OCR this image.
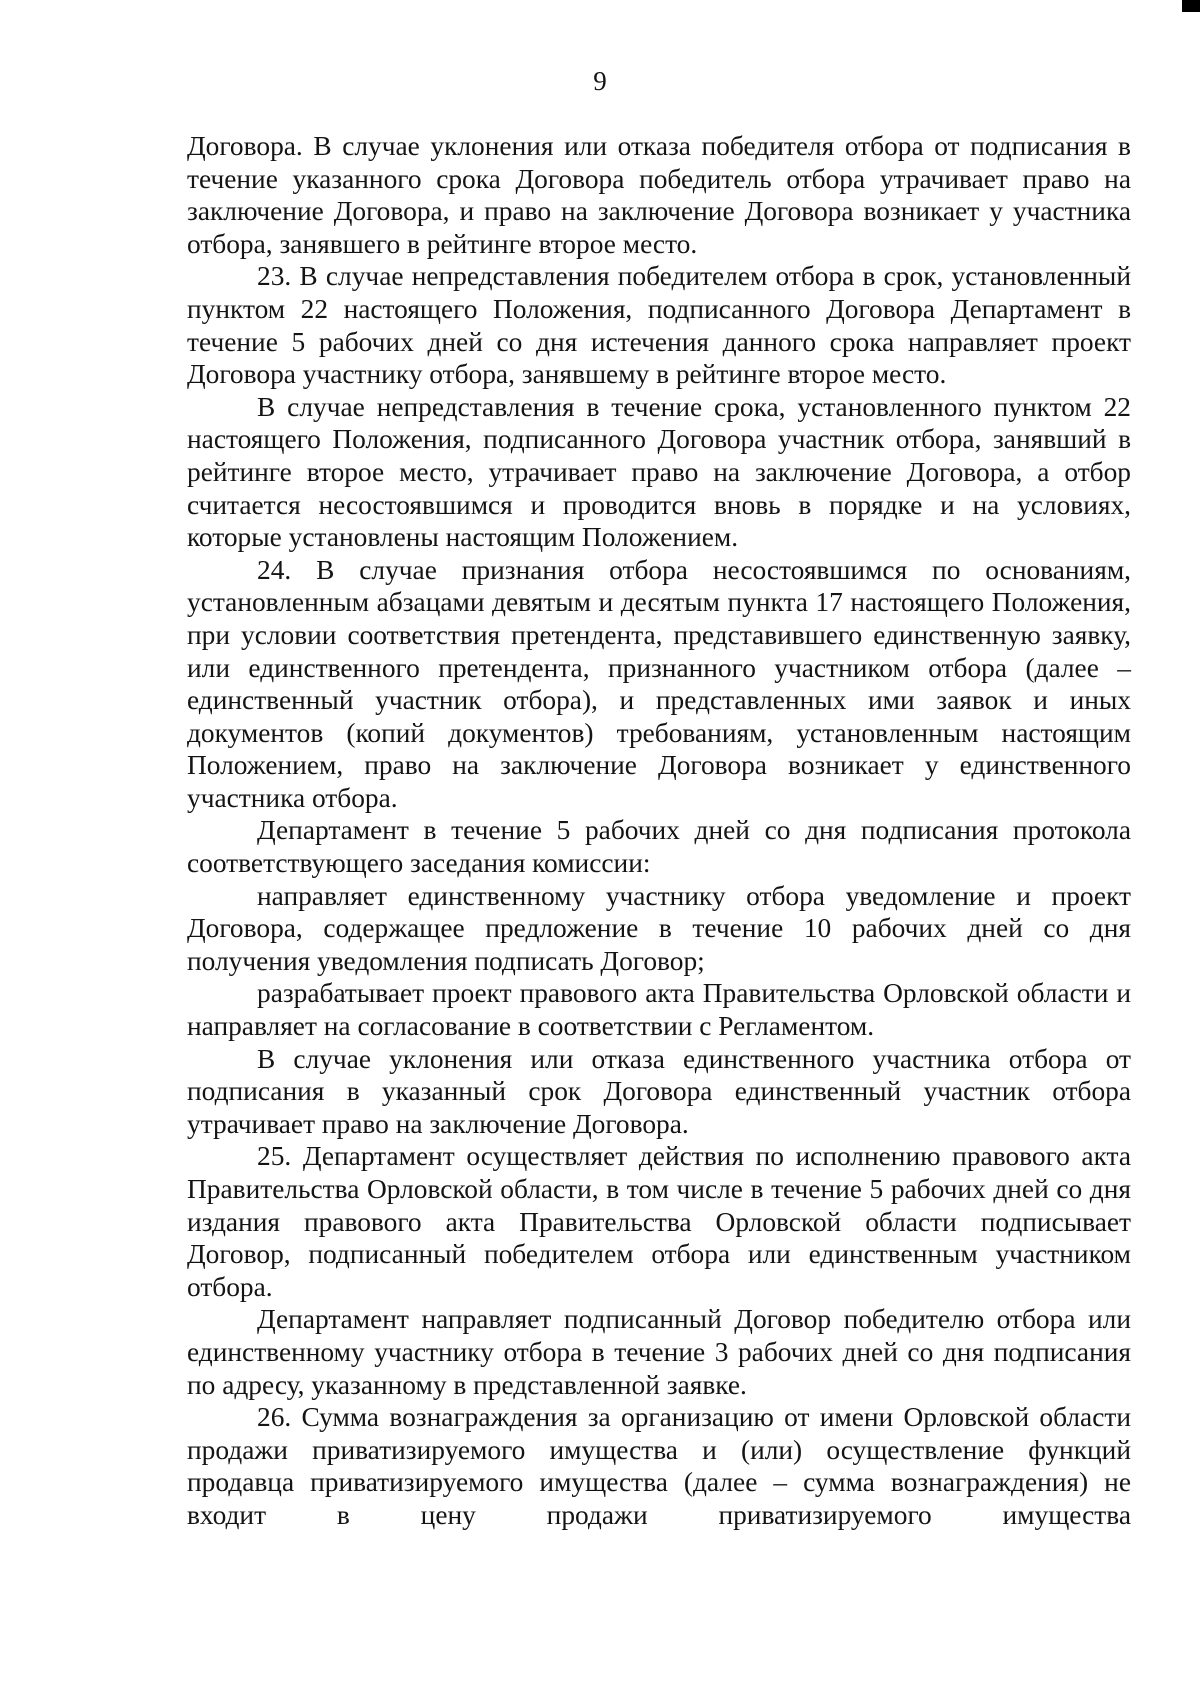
9

Договора. В случае уклонения или отказа победителя отбора от подписания в течение указанного срока Договора победитель отбора утрачивает право на заключение Договора, и право на заключение Договора возникает у участника отбора, занявшего в рейтинге второе место.

23. В случае непредставления победителем отбора в срок, установленный пунктом 22 настоящего Положения, подписанного Договора Департамент в течение 5 рабочих дней со дня истечения данного срока направляет проект Договора участнику отбора, занявшему в рейтинге второе место.

В случае непредставления в течение срока, установленного пунктом 22 настоящего Положения, подписанного Договора участник отбора, занявший в рейтинге второе место, утрачивает право на заключение Договора, а отбор считается несостоявшимся и проводится вновь в порядке и на условиях, которые установлены настоящим Положением.

24. В случае признания отбора несостоявшимся по основаниям, установленным абзацами девятым и десятым пункта 17 настоящего Положения, при условии соответствия претендента, представившего единственную заявку, или единственного претендента, признанного участником отбора (далее – единственный участник отбора), и представленных ими заявок и иных документов (копий документов) требованиям, установленным настоящим Положением, право на заключение Договора возникает у единственного участника отбора.

Департамент в течение 5 рабочих дней со дня подписания протокола соответствующего заседания комиссии:

направляет единственному участнику отбора уведомление и проект Договора, содержащее предложение в течение 10 рабочих дней со дня получения уведомления подписать Договор;

разрабатывает проект правового акта Правительства Орловской области и направляет на согласование в соответствии с Регламентом.

В случае уклонения или отказа единственного участника отбора от подписания в указанный срок Договора единственный участник отбора утрачивает право на заключение Договора.

25. Департамент осуществляет действия по исполнению правового акта Правительства Орловской области, в том числе в течение 5 рабочих дней со дня издания правового акта Правительства Орловской области подписывает Договор, подписанный победителем отбора или единственным участником отбора.

Департамент направляет подписанный Договор победителю отбора или единственному участнику отбора в течение 3 рабочих дней со дня подписания по адресу, указанному в представленной заявке.

26. Сумма вознаграждения за организацию от имени Орловской области продажи приватизируемого имущества и (или) осуществление функций продавца приватизируемого имущества (далее – сумма вознаграждения) не входит в цену продажи приватизируемого имущества
